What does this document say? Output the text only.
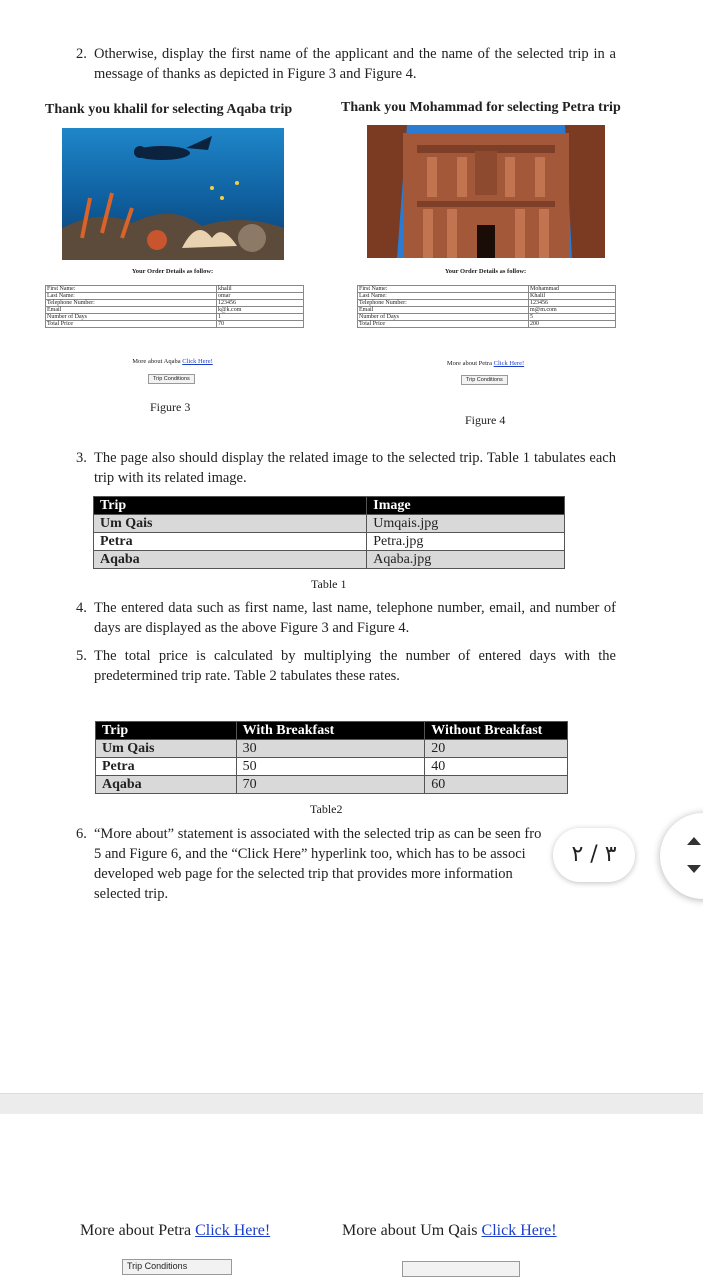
2. Otherwise, display the first name of the applicant and the name of the selected trip in a message of thanks as depicted in Figure 3 and Figure 4.
Thank you khalil for selecting Aqaba trip
Your Order Details as follow:
First Name:	khalil
Last Name:	omar
Telephone Number:	123456
Email	k@k.com
Number of Days	1
Total Price	70
More about Aqaba Click Here!
Trip Conditions
Figure 3
Thank you Mohammad for selecting Petra trip
Your Order Details as follow:
First Name:	Mohammad
Last Name:	Khalil
Telephone Number:	123456
Email	m@m.com
Number of Days	5
Total Price	200
More about Petra Click Here!
Trip Conditions
Figure 4
3. The page also should display the related image to the selected trip. Table 1 tabulates each trip with its related image.
Trip	Image
Um Qais	Umqais.jpg
Petra	Petra.jpg
Aqaba	Aqaba.jpg
Table 1
4. The entered data such as first name, last name, telephone number, email, and number of days are displayed as the above Figure 3 and Figure 4.
5. The total price is calculated by multiplying the number of entered days with the predetermined trip rate. Table 2 tabulates these rates.
Trip	With Breakfast	Without Breakfast
Um Qais	30	20
Petra	50	40
Aqaba	70	60
Table2
6. “More about” statement is associated with the selected trip as can be seen fro
5 and Figure 6, and the “Click Here” hyperlink too, which has to be associ
developed web page for the selected trip that provides more information
selected trip.
٣ / ٢
More about Petra Click Here!	More about Um Qais Click Here!
Trip Conditions
